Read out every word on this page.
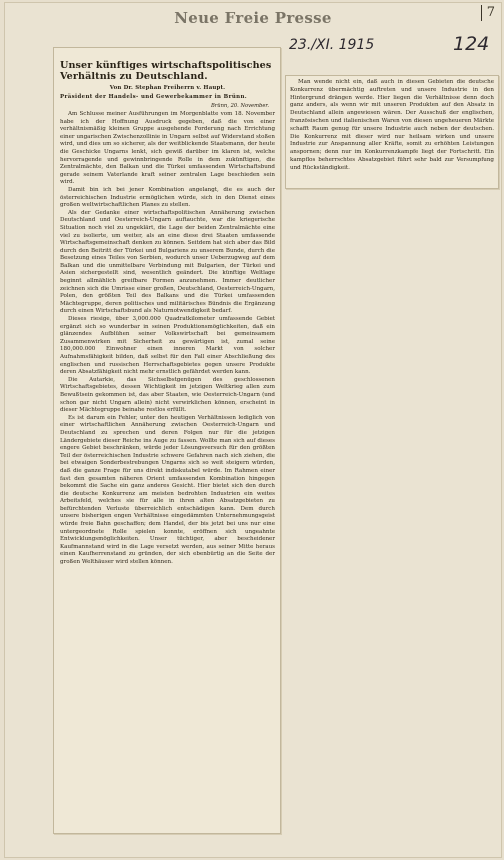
Neue Freie Presse	7
23./XI. 1915	124
Unser künftiges wirtschaftspolitisches Verhältnis zu Deutschland.
Von Dr. Stephan Freiherrn v. Haupt.
Präsident der Handels- und Gewerbekammer in Brünn.
Brünn, 20. November.

Am Schlusse meiner Ausführungen im Morgenblatte vom 18. November habe ich der Hoffnung Ausdruck gegeben, daß die von einer verhältnismäßig kleinen Gruppe ausgehende Forderung nach Errichtung einer ungarischen Zwischenzollinie in Ungarn selbst auf Widerstand stoßen wird, und dies um so sicherer, als der weitblickende Staatsmann, der heute die Geschicke Ungarns lenkt, sich gewiß darüber im klaren ist, welche hervorragende und gewinnbringende Rolle in dem zukünftigen, die Zentralmächte, den Balkan und die Türkei umfassenden Wirtschaftsbund gerade seinem Vaterlande kraft seiner zentralen Lage beschieden sein wird.

Damit bin ich bei jener Kombination angelangt, die es auch der österreichischen Industrie ermöglichen würde, sich in den Dienst eines großen weltwirtschaftlichen Planes zu stellen.

Als der Gedanke einer wirtschaftspolitischen Annäherung zwischen Deutschland und Oesterreich-Ungarn auftauchte, war die kriegerische Situation noch viel zu ungeklärt, die Lage der beiden Zentralmächte eine viel zu isolierte, um weiter, als an eine diese drei Staaten umfassende Wirtschaftsgemeinschaft denken zu können. Seitdem hat sich aber das Bild durch den Beitritt der Türkei und Bulgariens zu unserem Bunde, durch die Besetzung eines Teiles von Serbien, wodurch unser Ueberzugweg auf dem Balkan und die unmittelbare Verbindung mit Bulgarien, der Türkei und Asien sichergestellt sind, wesentlich geändert. Die künftige Weltlage beginnt allmählich greifbare Formen anzunehmen. Immer deutlicher zeichnen sich die Umrisse einer großen, Deutschland, Oesterreich-Ungarn, Polen, den größten Teil des Balkans und die Türkei umfassenden Mächtegruppe, deren politisches und militärisches Bündnis die Ergänzung durch einen Wirtschaftsbund als Naturnotwendigkeit bedarf.

Dieses riesige, über 3,000.000 Quadratkilometer umfassende Gebiet ergänzt sich so wunderbar in seinen Produktionsmöglichkeiten, daß ein glänzendes Aufblühen seiner Volkswirtschaft bei gemeinsamem Zusammenwirken mit Sicherheit zu gewärtigen ist, zumal seine 180,000.000 Einwohner einen inneren Markt von solcher Aufnahmsfähigkeit bilden, daß selbst für den Fall einer Abschließung des englischen und russischen Herrschaftsgebietes gegen unsere Produkte deren Absatzfähigkeit nicht mehr ernstlich gefährdet werden kann.

Die Autarkie, das Sichselbstgenügen des geschlossenen Wirtschaftsgebietes, dessen Wichtigkeit im jetzigen Weltkrieg allen zum Bewußtsein gekommen ist, das aber Staaten, wie Oesterreich-Ungarn (und schon gar nicht Ungarn allein) nicht verwirklichen können, erscheint in dieser Mächtegruppe beinahe restlos erfüllt.

Es ist darum ein Fehler, unter den heutigen Verhältnissen lediglich von einer wirtschaftlichen Annäherung zwischen Oesterreich-Ungarn und Deutschland zu sprechen und deren Folgen nur für die jetzigen Ländergebiete dieser Reiche ins Auge zu fassen. Wollte man sich auf dieses engere Gebiet beschränken, würde jeder Lösungsversuch für den größten Teil der österreichischen Industrie schwere Gefahren nach sich ziehen, die bei etwaigen Sonderbestrebungen Ungarns sich so weit steigern würden, daß die ganze Frage für uns direkt indiskutabel würde. Im Rahmen einer fast den gesamten näheren Orient umfassenden Kombination hingegen bekommt die Sache ein ganz anderes Gesicht. Hier bietet sich den durch die deutsche Konkurrenz am meisten bedrohten Industrien ein weites Arbeitsfeld, welches sie für alle in ihren alten Absatzgebieten zu befürchtenden Verluste überreichlich entschädigen kann. Dem durch unsere bisherigen engen Verhältnisse eingedämmten Unternehmungsgeist würde freie Bahn geschaffen; dem Handel, der bis jetzt bei uns nur eine untergeordnete Rolle spielen konnte, eröffnen sich ungeahnte Entwicklungsmöglichkeiten. Unser tüchtiger, aber bescheidener Kaufmannstand wird in die Lage versetzt werden, aus seiner Mitte heraus einen Kaufherrenstand zu gründen, der sich ebenbürtig an die Seite der großen Welthäuser wird stellen können.

Man wende nicht ein, daß auch in diesen Gebieten die deutsche Konkurrenz übermächtig auftreten und unsere Industrie in den Hintergrund drängen werde. Hier liegen die Verhältnisse denn doch ganz anders, als wenn wir mit unseren Produkten auf den Absatz in Deutschland allein angewiesen wären. Der Ausschuß der englischen, französischen und italienischen Waren von diesen ungeheueren Märkte schafft Raum genug für unsere Industrie auch neben der deutschen. Die Konkurrenz mit dieser wird nur heilsam wirken und unsere Industrie zur Anspannung aller Kräfte, somit zu erhöhten Leistungen anspornen; denn nur im Konkurrenzkampfe liegt der Fortschritt. Ein kampflos beherrschtes Absatzgebiet führt sehr bald zur Versumpfung und Rückständigkeit.
